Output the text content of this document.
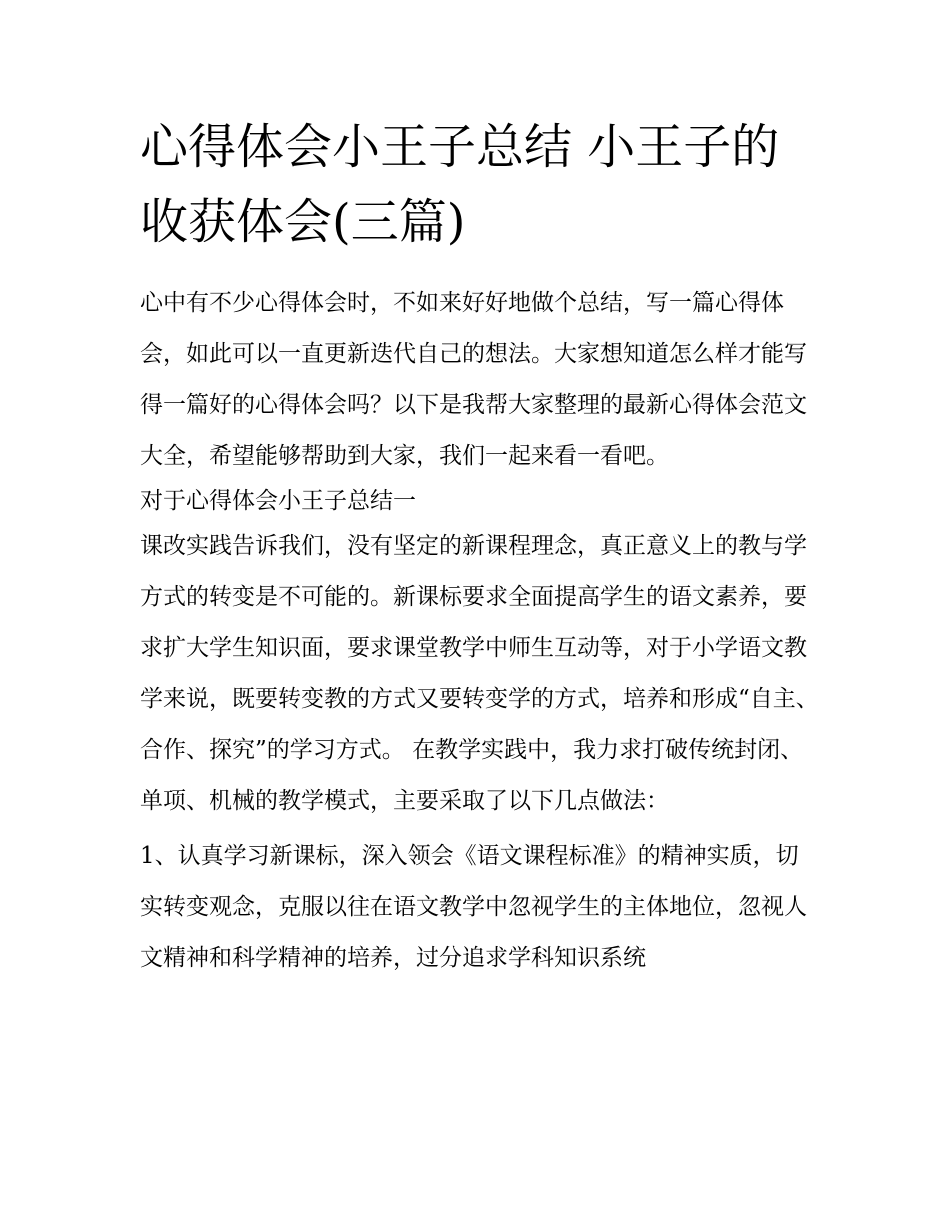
心得体会小王子总结 小王子的收获体会(三篇)

心中有不少心得体会时，不如来好好地做个总结，写一篇心得体会，如此可以一直更新迭代自己的想法。大家想知道怎么样才能写得一篇好的心得体会吗？以下是我帮大家整理的最新心得体会范文大全，希望能够帮助到大家，我们一起来看一看吧。

对于心得体会小王子总结一

课改实践告诉我们，没有坚定的新课程理念，真正意义上的教与学方式的转变是不可能的。新课标要求全面提高学生的语文素养，要求扩大学生知识面，要求课堂教学中师生互动等，对于小学语文教学来说，既要转变教的方式又要转变学的方式，培养和形成“自主、合作、探究”的学习方式。 在教学实践中，我力求打破传统封闭、单项、机械的教学模式，主要采取了以下几点做法：

1、认真学习新课标，深入领会《语文课程标准》的精神实质，切实转变观念，克服以往在语文教学中忽视学生的主体地位，忽视人文精神和科学精神的培养，过分追求学科知识系统
